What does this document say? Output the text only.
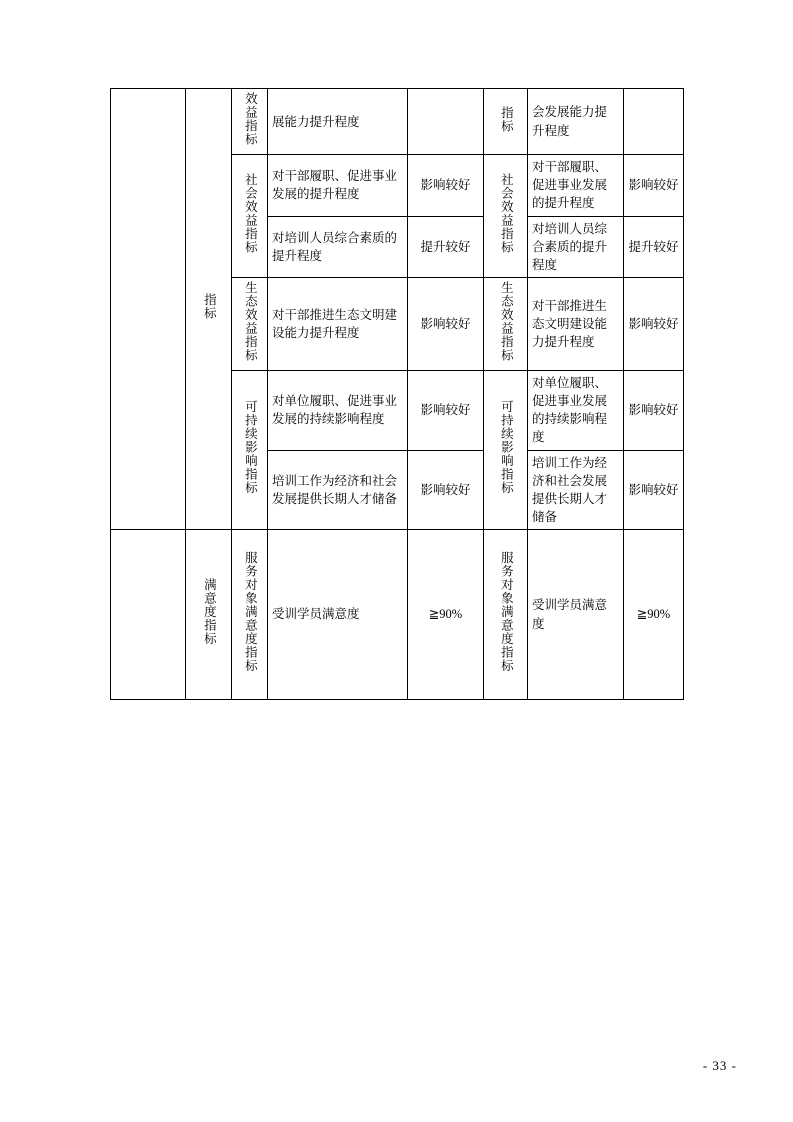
	指标	效益指标	展能力提升程度		指标	会发展能力提升程度	
		社会效益指标	对干部履职、促进事业发展的提升程度	影响较好	社会效益指标	对干部履职、促进事业发展的提升程度	影响较好
			对培训人员综合素质的提升程度	提升较好		对培训人员综合素质的提升程度	提升较好
		生态效益指标	对干部推进生态文明建设能力提升程度	影响较好	生态效益指标	对干部推进生态文明建设能力提升程度	影响较好
		可持续影响指标	对单位履职、促进事业发展的持续影响程度	影响较好	可持续影响指标	对单位履职、促进事业发展的持续影响程度	影响较好
			培训工作为经济和社会发展提供长期人才储备	影响较好		培训工作为经济和社会发展提供长期人才储备	影响较好
	满意度指标	服务对象满意度指标	受训学员满意度	≧90%	服务对象满意度指标	受训学员满意度	≧90%
- 33 -
